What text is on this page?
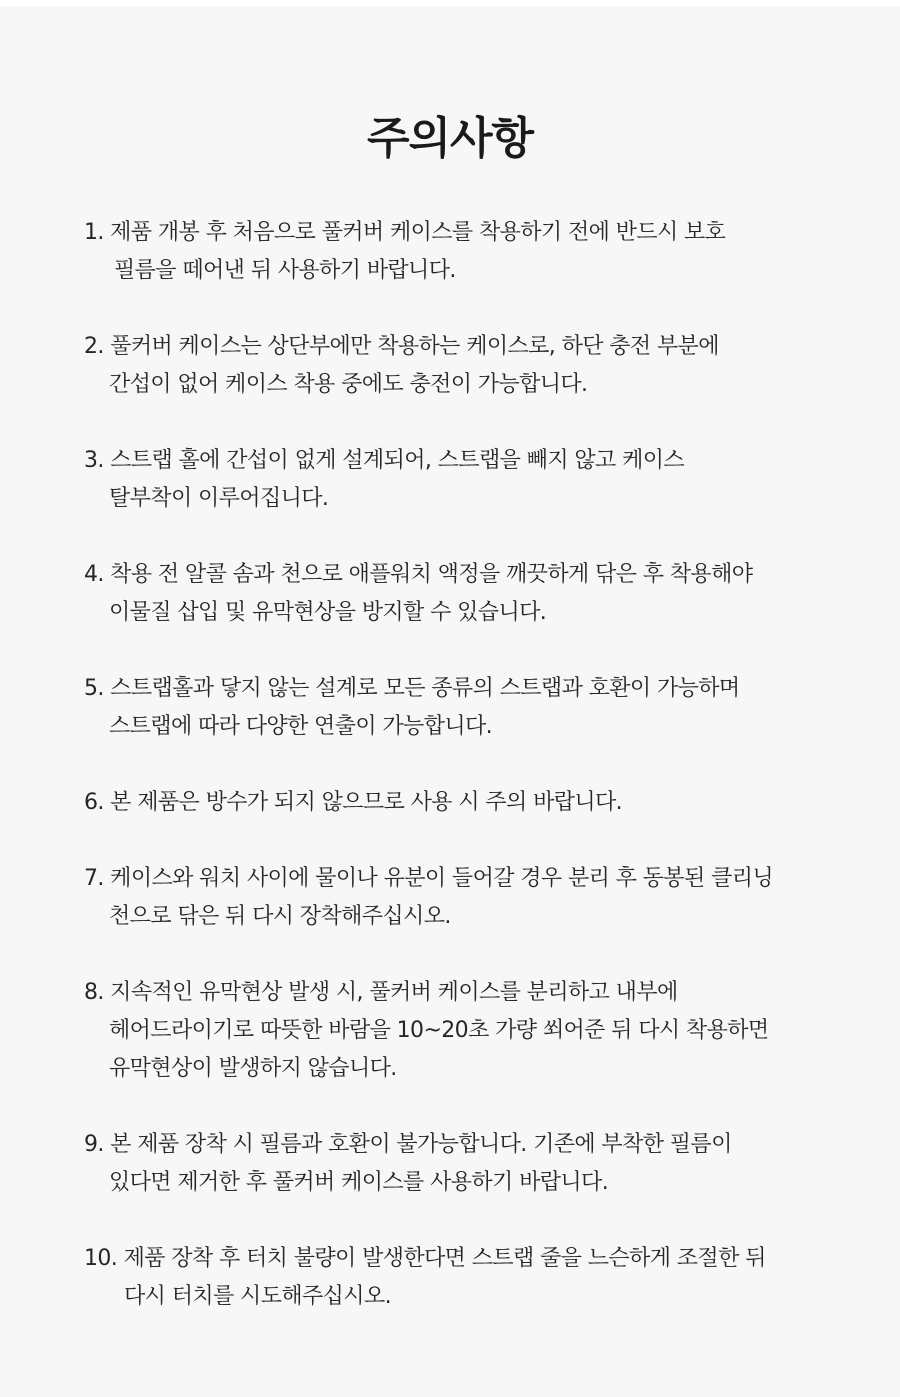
주의사항
1. 제품 개봉 후 처음으로 풀커버 케이스를 착용하기 전에 반드시 보호
필름을 떼어낸 뒤 사용하기 바랍니다.
2. 풀커버 케이스는 상단부에만 착용하는 케이스로, 하단 충전 부분에
간섭이 없어 케이스 착용 중에도 충전이 가능합니다.
3. 스트랩 홀에 간섭이 없게 설계되어, 스트랩을 빼지 않고 케이스
탈부착이 이루어집니다.
4. 착용 전 알콜 솜과 천으로 애플워치 액정을 깨끗하게 닦은 후 착용해야
이물질 삽입 및 유막현상을 방지할 수 있습니다.
5. 스트랩홀과 닿지 않는 설계로 모든 종류의 스트랩과 호환이 가능하며
스트랩에 따라 다양한 연출이 가능합니다.
6. 본 제품은 방수가 되지 않으므로 사용 시 주의 바랍니다.
7. 케이스와 워치 사이에 물이나 유분이 들어갈 경우 분리 후 동봉된 클리닝
천으로 닦은 뒤 다시 장착해주십시오.
8. 지속적인 유막현상 발생 시, 풀커버 케이스를 분리하고 내부에
헤어드라이기로 따뜻한 바람을 10~20초 가량 쐬어준 뒤 다시 착용하면
유막현상이 발생하지 않습니다.
9. 본 제품 장착 시 필름과 호환이 불가능합니다. 기존에 부착한 필름이
있다면 제거한 후 풀커버 케이스를 사용하기 바랍니다.
10. 제품 장착 후 터치 불량이 발생한다면 스트랩 줄을 느슨하게 조절한 뒤
다시 터치를 시도해주십시오.
